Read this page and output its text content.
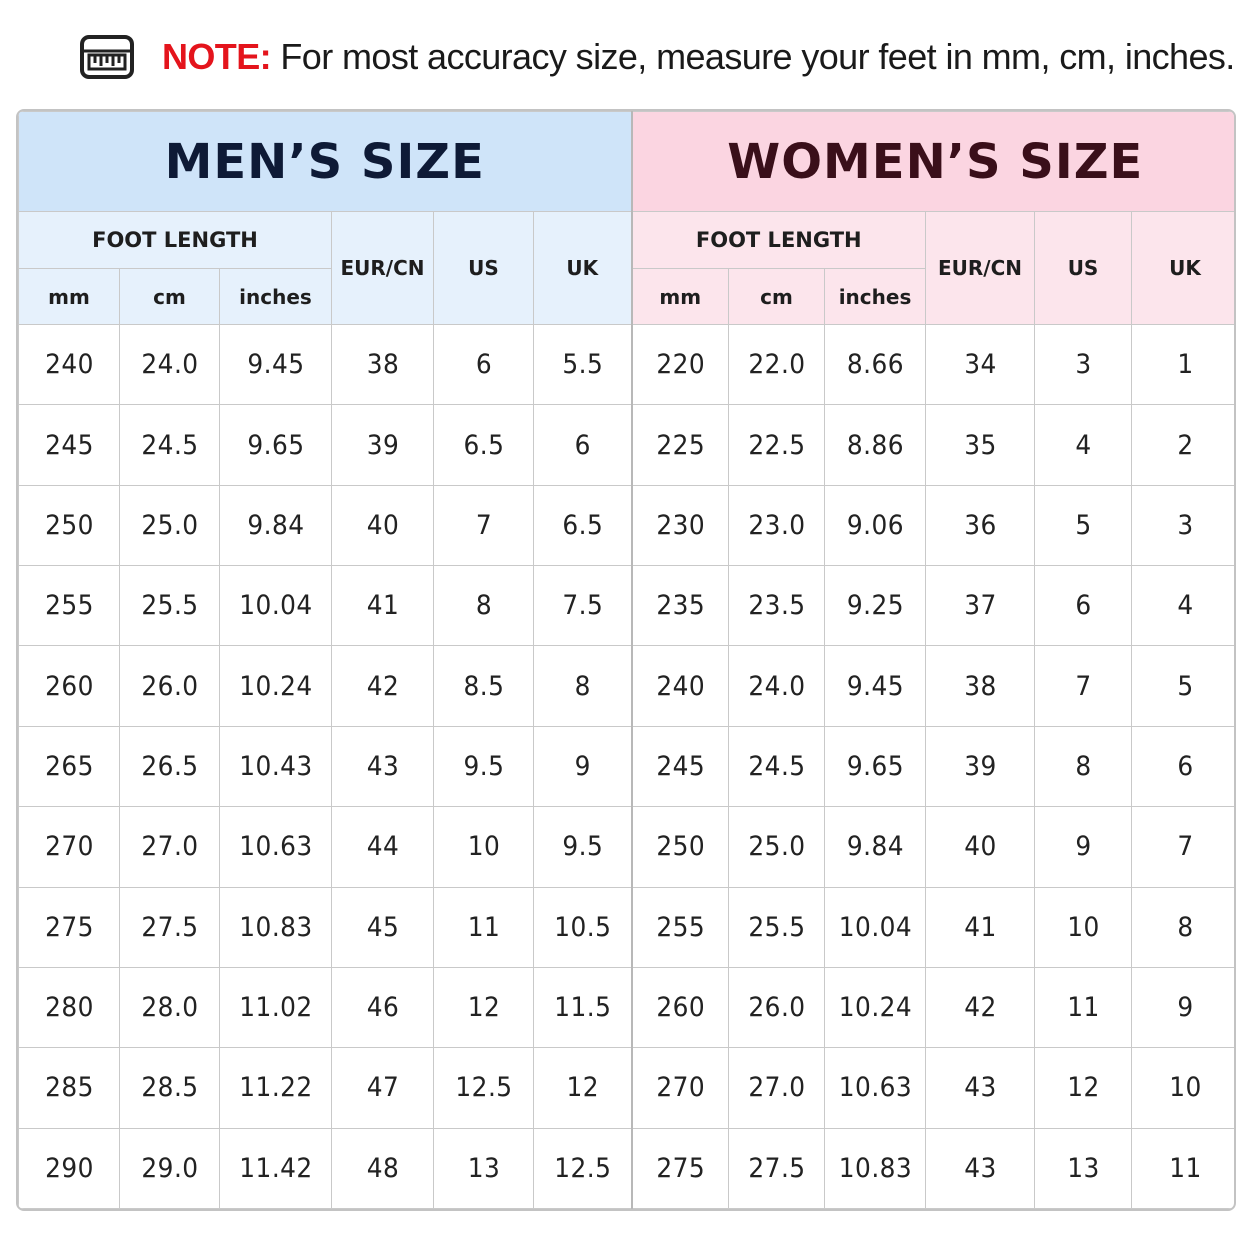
NOTE: For most accuracy size, measure your feet in mm, cm, inches.
MEN’S SIZE						WOMEN’S SIZE					
FOOT LENGTH			EUR/CN	US	UK	FOOT LENGTH			EUR/CN	US	UK
mm	cm	inches				mm	cm	inches			
240	24.0	9.45	38	6	5.5	220	22.0	8.66	34	3	1
245	24.5	9.65	39	6.5	6	225	22.5	8.86	35	4	2
250	25.0	9.84	40	7	6.5	230	23.0	9.06	36	5	3
255	25.5	10.04	41	8	7.5	235	23.5	9.25	37	6	4
260	26.0	10.24	42	8.5	8	240	24.0	9.45	38	7	5
265	26.5	10.43	43	9.5	9	245	24.5	9.65	39	8	6
270	27.0	10.63	44	10	9.5	250	25.0	9.84	40	9	7
275	27.5	10.83	45	11	10.5	255	25.5	10.04	41	10	8
280	28.0	11.02	46	12	11.5	260	26.0	10.24	42	11	9
285	28.5	11.22	47	12.5	12	270	27.0	10.63	43	12	10
290	29.0	11.42	48	13	12.5	275	27.5	10.83	43	13	11
